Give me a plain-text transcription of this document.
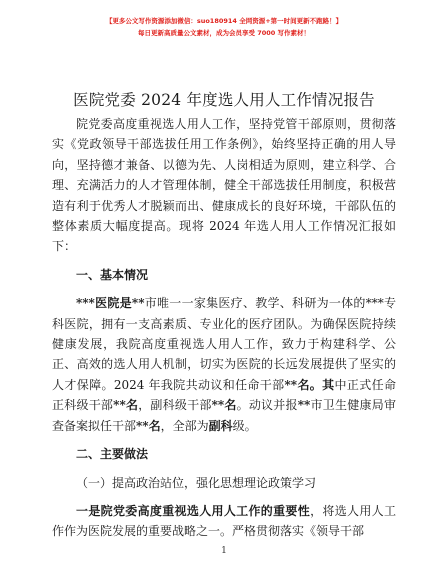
【更多公文写作资源添加微信：suo180914 全网资源+第一时间更新不跑路！】
每日更新高质量公文素材，成为会员享受 7000 写作素材！
医院党委 2024 年度选人用人工作情况报告

院党委高度重视选人用人工作，坚持党管干部原则，贯彻落实《党政领导干部选拔任用工作条例》，始终坚持正确的用人导向，坚持德才兼备、以德为先、人岗相适为原则，建立科学、合理、充满活力的人才管理体制，健全干部选拔任用制度，积极营造有利于优秀人才脱颖而出、健康成长的良好环境，干部队伍的整体素质大幅度提高。现将 2024 年选人用人工作情况汇报如下：

一、基本情况

***医院是**市唯一一家集医疗、教学、科研为一体的***专科医院，拥有一支高素质、专业化的医疗团队。为确保医院持续健康发展，我院高度重视选人用人工作，致力于构建科学、公正、高效的选人用人机制，切实为医院的长远发展提供了坚实的人才保障。2024 年我院共动议和任命干部**名。其中正式任命正科级干部**名，副科级干部**名。动议并报**市卫生健康局审查备案拟任干部**名，全部为副科级。

二、主要做法

（一）提高政治站位，强化思想理论政策学习

一是院党委高度重视选人用人工作的重要性，将选人用人工作作为医院发展的重要战略之一。严格贯彻落实《领导干部

1
